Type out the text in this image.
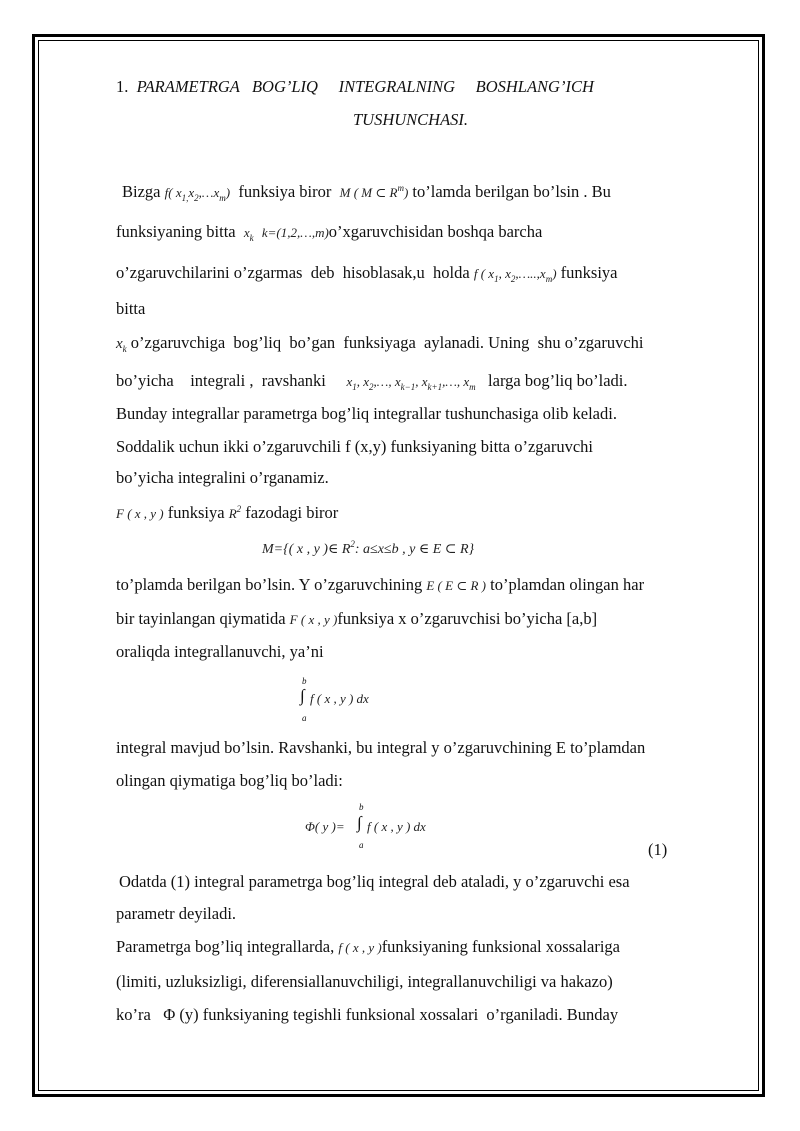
1. PARAMETRGA   BOG’LIQ     INTEGRALNING     BOSHLANG’ICH
TUSHUNCHASI.
Bizga f( $x_{1,}x_2,\dots x_m$) funksiya biror M ( M ⊂ $R^m$) to’lamda berilgan bo’lsin . Bu
funksiyaning bitta $x_k$ k=(1,2,…,m)o’xgaruvchisidan boshqa barcha
o’zgaruvchilarini o’zgarmas  deb  hisoblasak,u  holda f ( $x_1$, $x_2,\dots..,x_m$) funksiya
bitta
$x_k$ o’zgaruvchiga  bog’liq  bo’gan  funksiyaga  aylanadi. Uning  shu o’zgaruvchi
bo’yicha    integrali ,  ravshanki $x_1$, $x_2,\dots$, $x_{k-1}$, $x_{k+1},\dots$, $x_m$ larga bog’liq bo’ladi.
Bunday integrallar parametrga bog’liq integrallar tushunchasiga olib keladi.
Soddalik uchun ikki o’zgaruvchili f (x,y) funksiyaning bitta o’zgaruvchi
bo’yicha integralini o’rganamiz.
F ( x , y ) funksiya $R^2$ fazodagi biror
M={( x , y )∈ $R^2$: a≤x≤b , y ∈ E ⊂ R}
to’plamda berilgan bo’lsin. Y o’zgaruvchining E ( E ⊂ R ) to’plamdan olingan har
bir tayinlangan qiymatida F ( x , y )funksiya x o’zgaruvchisi bo’yicha [a,b]
oraliqda integrallanuvchi, ya’ni
b
∫
a
f ( x , y ) dx
integral mavjud bo’lsin. Ravshanki, bu integral y o’zgaruvchining E to’plamdan
olingan qiymatiga bog’liq bo’ladi:
Φ( y )=
b
∫
a
f ( x , y ) dx
(1)
Odatda (1) integral parametrga bog’liq integral deb ataladi, y o’zgaruvchi esa
parametr deyiladi.
Parametrga bog’liq integrallarda, f ( x , y )funksiyaning funksional xossalariga
(limiti, uzluksizligi, diferensiallanuvchiligi, integrallanuvchiligi va hakazo)
ko’ra   Φ (y) funksiyaning tegishli funksional xossalari  o’rganiladi. Bunday
